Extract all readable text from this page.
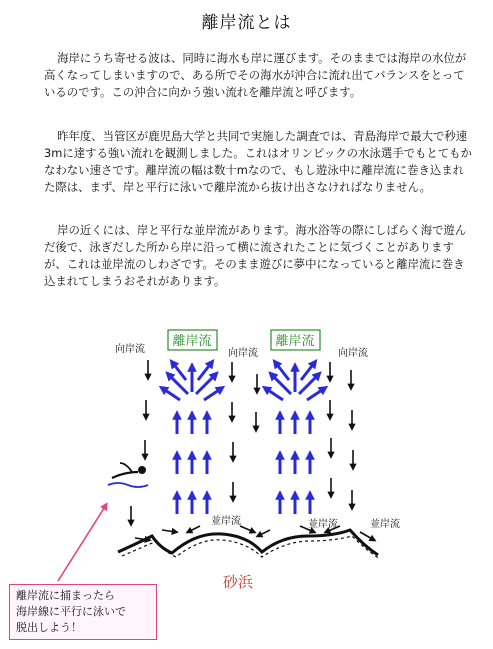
離岸流とは

海岸にうち寄せる波は、同時に海水も岸に運びます。そのままでは海岸の水位が高くなってしまいますので、ある所でその海水が沖合に流れ出てバランスをとっているのです。この沖合に向かう強い流れを離岸流と呼びます。

昨年度、当管区が鹿児島大学と共同で実施した調査では、青島海岸で最大で秒速3mに達する強い流れを観測しました。これはオリンピックの水泳選手でもとてもかなわない速さです。離岸流の幅は数十mなので、もし遊泳中に離岸流に巻き込まれた際は、まず、岸と平行に泳いで離岸流から抜け出さなければなりません。

岸の近くには、岸と平行な並岸流があります。海水浴等の際にしばらく海で遊んだ後で、泳ぎだした所から岸に沿って横に流されたことに気づくことがありますが、これは並岸流のしわざです。そのまま遊びに夢中になっていると離岸流に巻き込まれてしまうおそれがあります。

離岸流	離岸流
向岸流	向岸流	向岸流
並岸流	並岸流	並岸流
砂浜
離岸流に捕まったら
海岸線に平行に泳いで
脱出しよう！
